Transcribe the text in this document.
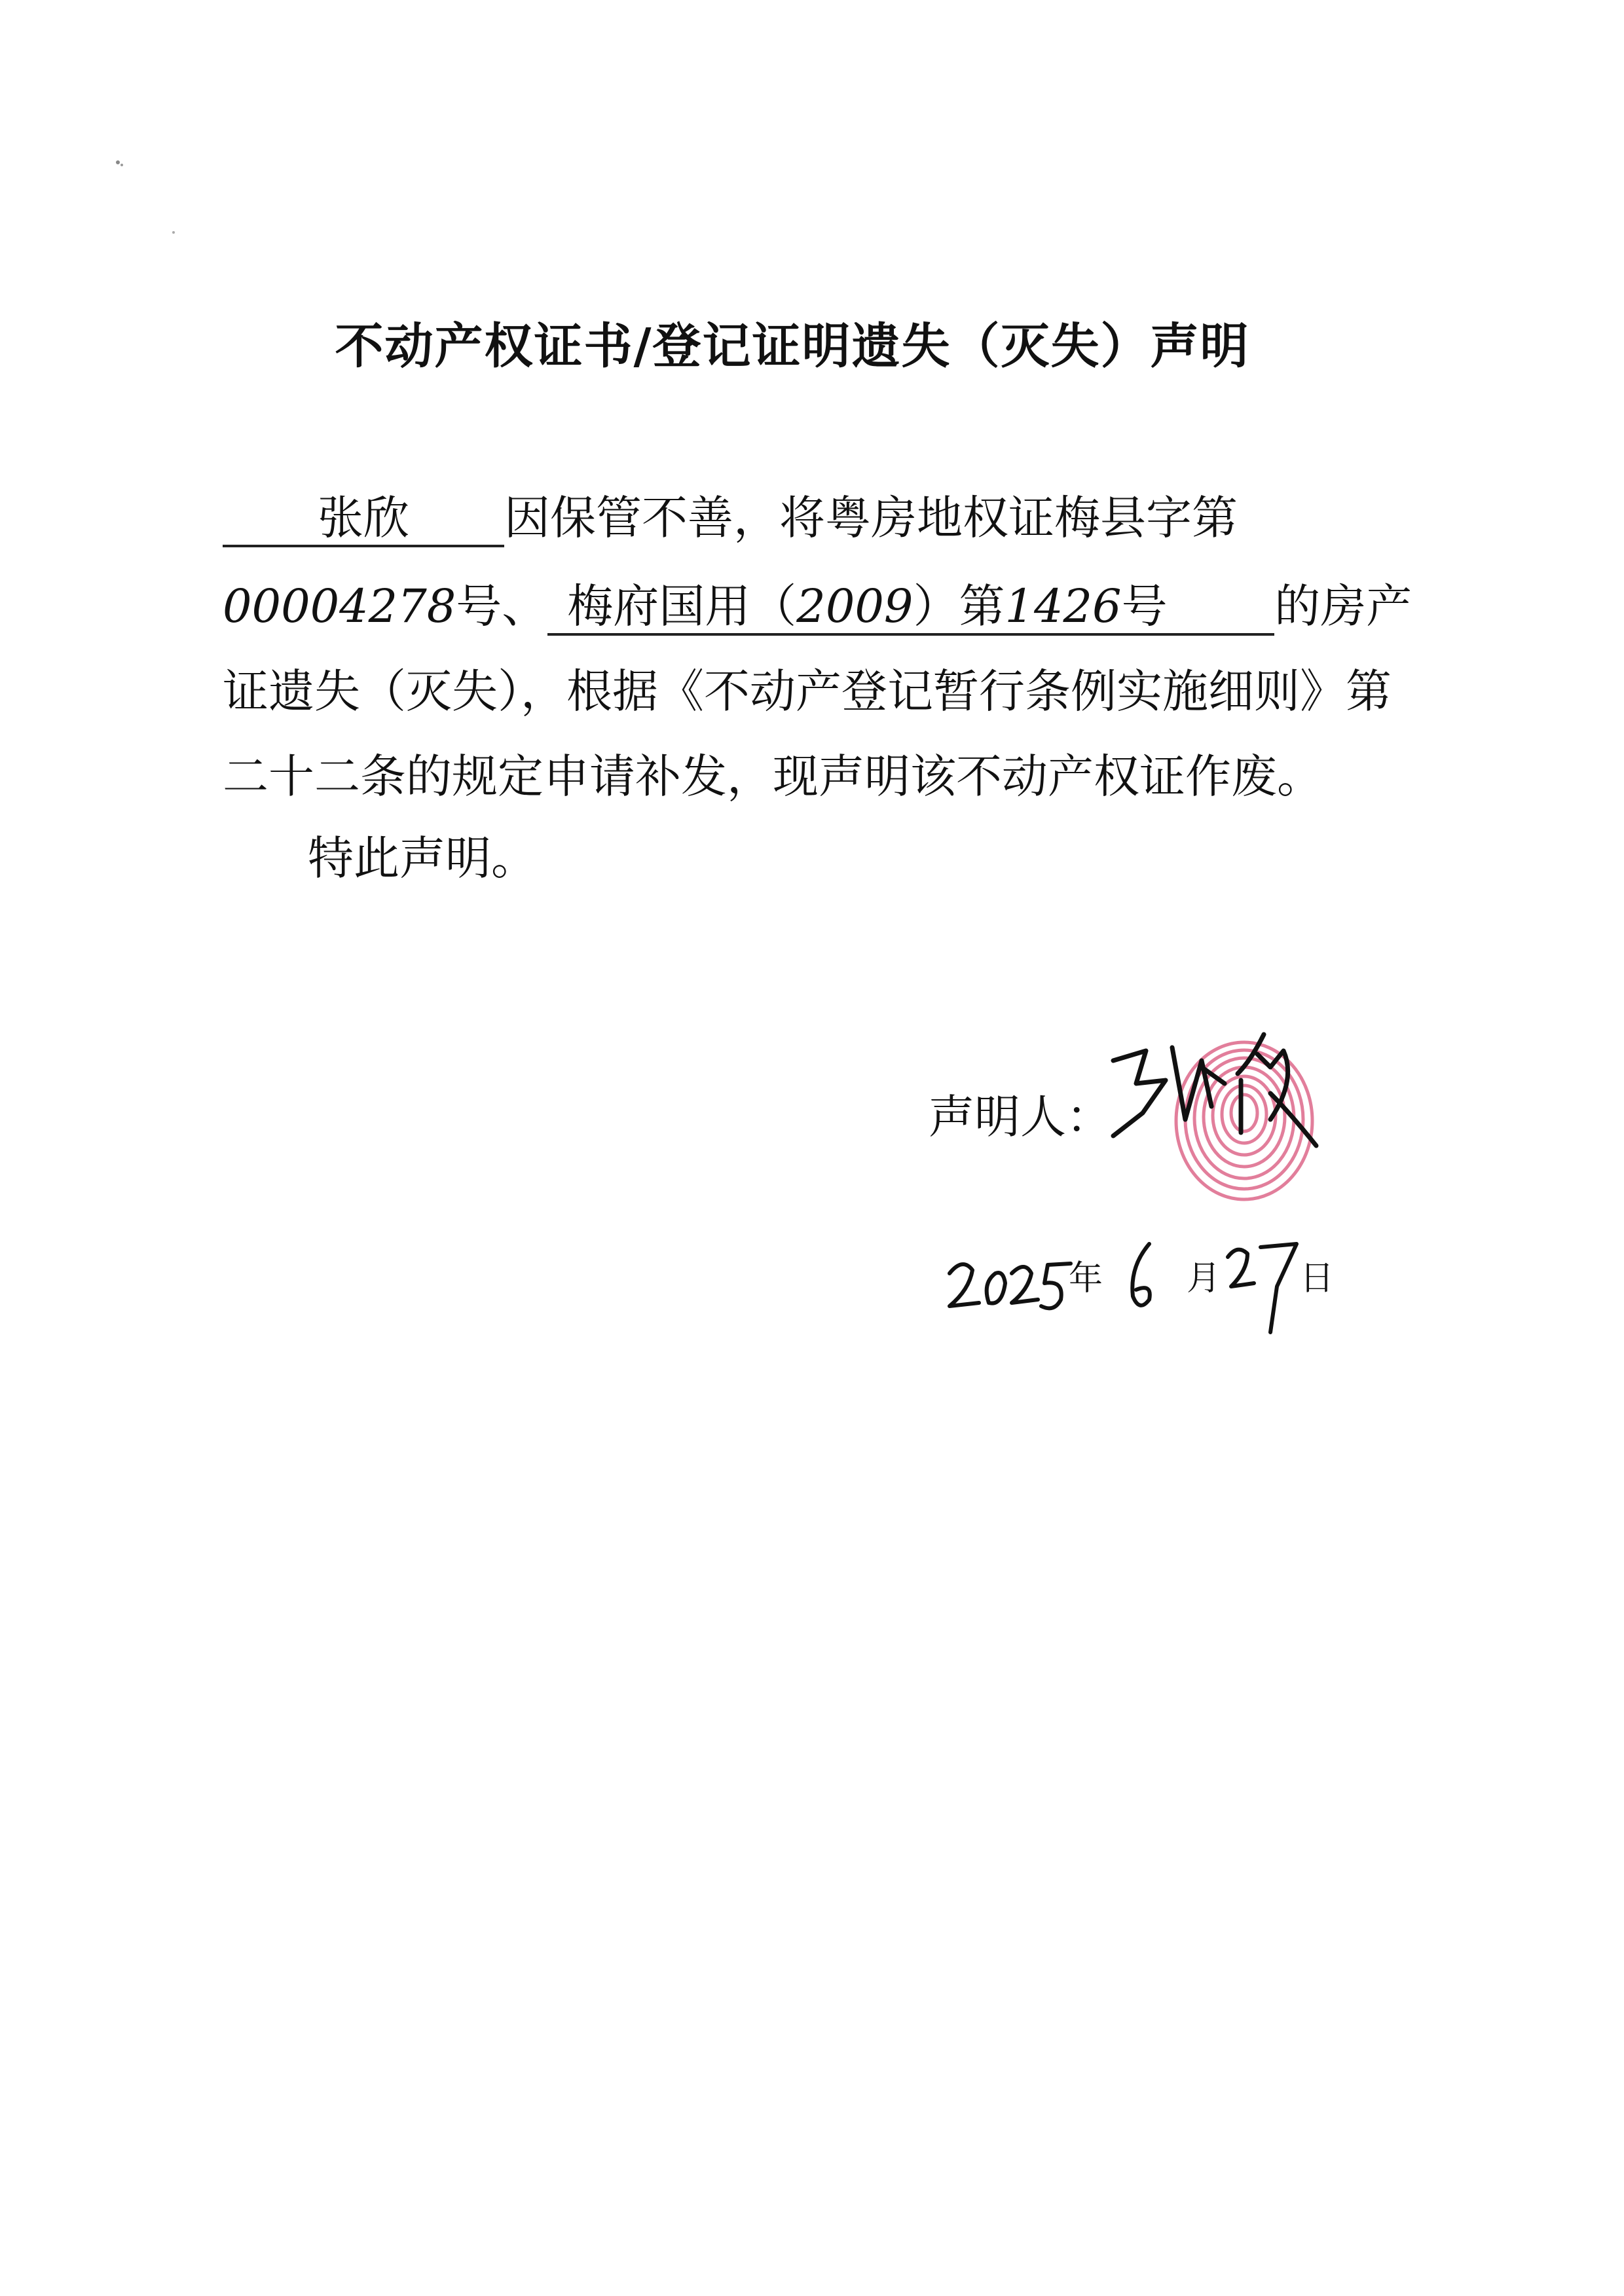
不动产权证书/登记证明遗失（灭失）声明
张欣 因保管不善，将粤房地权证梅县字第
00004278号、 梅府国用（2009）第1426号 的房产
证遗失（灭失），根据《不动产登记暂行条例实施细则》第
二十二条的规定申请补发，现声明该不动产权证作废。
特此声明。
声明人：
年 月 日
